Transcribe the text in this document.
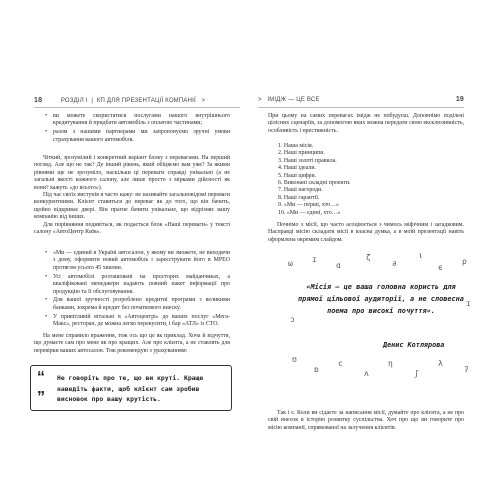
18	РОЗДІЛ І  |  КП ДЛЯ ПРЕЗЕНТАЦІЇ КОМПАНІЇ >
• ви можете скористатися послугами нашого внутрішнього кредитування й придбати автомобіль з оплатою частинами;
• разом з нашими партнерами ми запропонуємо зручні умови страхування вашого автомобіля.

Чіткий, зрозумілий і конкретний варіант блоку з перевагами. На перший погляд. Але що не так? Де інший рівень, який обіцяємо вам уже? За якими рівнями ще не зрозуміло, наскільки ці переваги справді унікальні (а не загальні якості кожного салону, але лише просто з мірками дійсності як вони? кажуть «до всього»).

Під час своїх виступів я часто кажу: не називайте загальновідомі переваги конкурентними. Клієнт ставиться до переваг як до того, що він бачить, щойно відкриває двері. Він прагне бачити унікальне, що відрізняє вашу компанію від інших.

Для порівняння подивіться, як подається блок «Наші переваги» у тексті салону «АвтоЦентр Київ».

• «Ми — єдиний в Україні автосалон, у якому ви зможете, не виходячи з дому, оформити новий автомобіль і зареєструвати його в МРЕО протягом усього 45 хвилин.
• Усі автомобілі розташовані на просторих майданчиках, а кваліфіковані менеджери надають повний пакет інформації про продукцію та її обслуговування.
• Для вашої зручності розроблено кредитні програми з великими банками, зокрема й кредит без початкового внеску.
• У привітливій вітальні в «Автоцентрі» до ваших послуг «Мега-Макс», ресторан, де можна легко перекусити, і бар «АТЛ» із СТО.

На мене справило враження, тож ось що це як приклад. Хоча й відчуття, що думаєте сам про мене як про кращих. Але про клієнта, а не ставлять для перевірки ваших автосалон. Тож рекомендую з урахуванням:

“ Не говоріть про те, що ви круті. Краще наведіть факти, щоб клієнт сам зробив висновок про вашу крутість.
”
> ІМІДЖ — ЦЕ ВСЕ	19

При цьому на самих перевагах імідж не побудуєш. Доповнімо подільчі цілісних сценаріїв, за допомогою яких можна передати свою ексклюзивність, особливість і престижність.

1. Наша місія.
2. Наші принципи.
3. Наші золоті правила.
4. Наші ідеали.
5. Наші цифри.
6. Виконані складні проекти.
7. Наші нагороди.
8. Наші гарантії.
9. «Ми — перші, хто…»
10. «Ми — єдині, хто…»

Почнімо з місії, що часто асоціюється з чимось міфічним і загадковим. Насправді місію складати місії в власна думка, а в моїй презентації навіть оформлена окремим слайдом.

Так і є. Коли ви сідаєте за написання місії, думайте про клієнта, а не про свій внесок в історію розвитку суспільства. Хоч про що ви говорите про місію компанії, спрямованої на залучення клієнтів.

ω ɪ
ɑ
ζ
∂
ι
ϵ
ρ
ɔ
ɪ
ʊ
ɒ
ϲ
ʌ
η
ʃ
λ
ʔ
«Місія — це ваша головна користь для прямої цільової аудиторії, а не словесна поема про високі почуття».
Денис Котлярова
